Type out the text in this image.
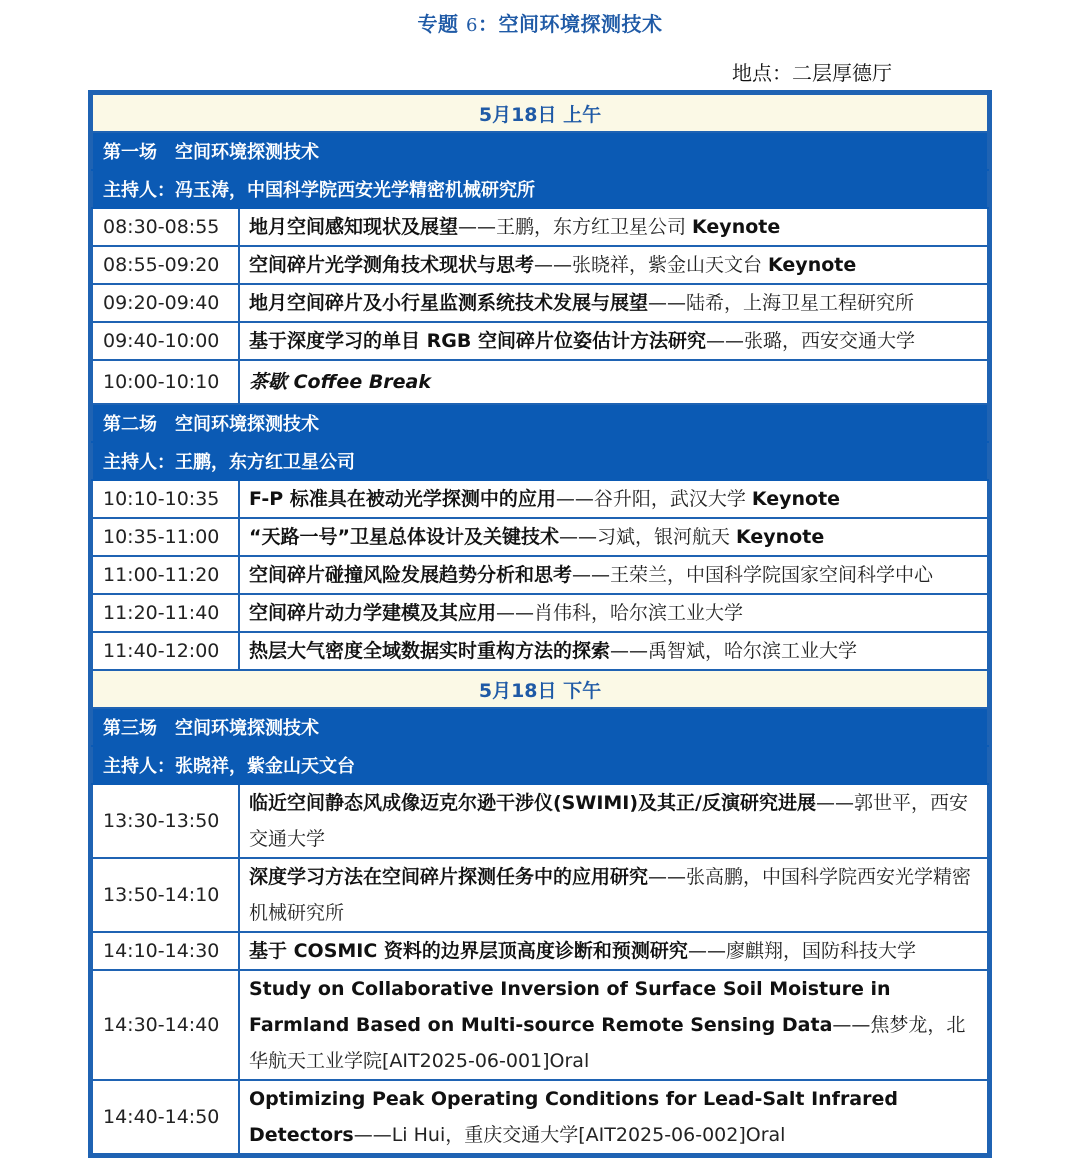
专题 6：空间环境探测技术
地点：二层厚德厅
5月18日 上午	
第一场　空间环境探测技术	
主持人：冯玉涛，中国科学院西安光学精密机械研究所	
08:30-08:55	地月空间感知现状及展望——王鹏，东方红卫星公司 Keynote
08:55-09:20	空间碎片光学测角技术现状与思考——张晓祥，紫金山天文台 Keynote
09:20-09:40	地月空间碎片及小行星监测系统技术发展与展望——陆希，上海卫星工程研究所
09:40-10:00	基于深度学习的单目 RGB 空间碎片位姿估计方法研究——张璐，西安交通大学
10:00-10:10	茶歇 Coffee Break
第二场　空间环境探测技术	
主持人：王鹏，东方红卫星公司	
10:10-10:35	F-P 标准具在被动光学探测中的应用——谷升阳，武汉大学 Keynote
10:35-11:00	“天路一号”卫星总体设计及关键技术——习斌，银河航天 Keynote
11:00-11:20	空间碎片碰撞风险发展趋势分析和思考——王荣兰，中国科学院国家空间科学中心
11:20-11:40	空间碎片动力学建模及其应用——肖伟科，哈尔滨工业大学
11:40-12:00	热层大气密度全域数据实时重构方法的探索——禹智斌，哈尔滨工业大学
5月18日 下午	
第三场　空间环境探测技术	
主持人：张晓祥，紫金山天文台	
13:30-13:50	临近空间静态风成像迈克尔逊干涉仪(SWIMI)及其正/反演研究进展——郭世平，西安交通大学
13:50-14:10	深度学习方法在空间碎片探测任务中的应用研究——张高鹏，中国科学院西安光学精密机械研究所
14:10-14:30	基于 COSMIC 资料的边界层顶高度诊断和预测研究——廖麒翔，国防科技大学
14:30-14:40	Study on Collaborative Inversion of Surface Soil Moisture in Farmland Based on Multi-source Remote Sensing Data——焦梦龙，北华航天工业学院[AIT2025-06-001]Oral
14:40-14:50	Optimizing Peak Operating Conditions for Lead-Salt Infrared Detectors——Li Hui，重庆交通大学[AIT2025-06-002]Oral
